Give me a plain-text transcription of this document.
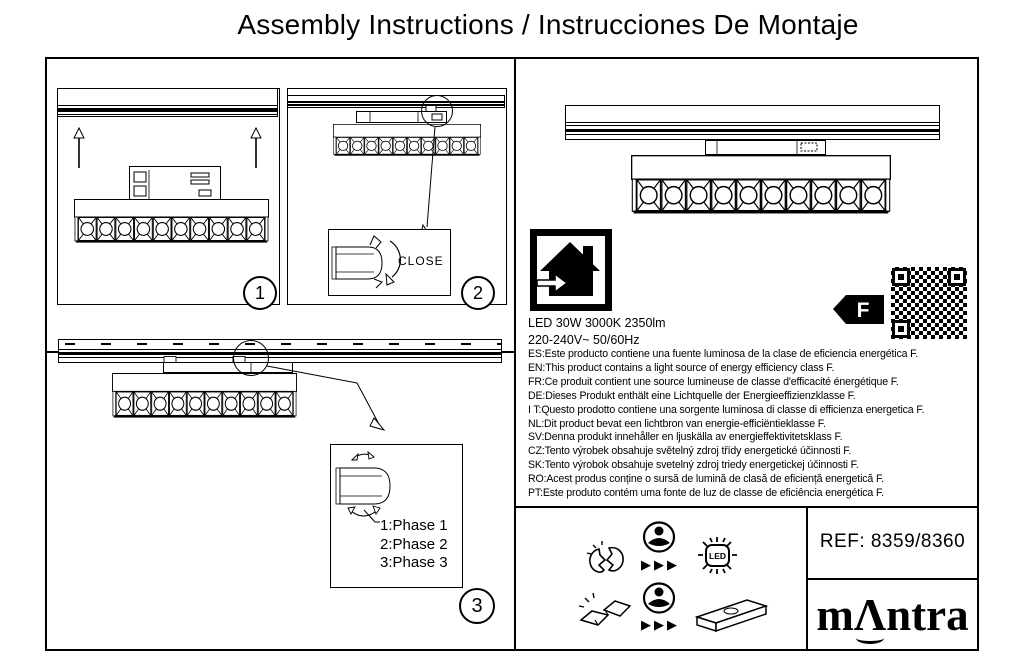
Assembly Instructions / Instrucciones De Montaje
1	2
CLOSE
1:Phase 1
2:Phase 2
3:Phase 3
3
F
LED 30W 3000K 2350lm
220-240V~ 50/60Hz
ES:Este producto contiene una fuente luminosa de la clase de eficiencia energética F.
EN:This product contains a light source of energy efficiency class F.
FR:Ce produit contient une source lumineuse de classe d'efficacité énergétique F.
DE:Dieses Produkt enthält eine Lichtquelle der Energieeffizienzklasse F.
I T:Questo prodotto contiene una sorgente luminosa di classe di efficienza energetica F.
NL:Dit product bevat een lichtbron van energie-efficiëntieklasse F.
SV:Denna produkt innehåller en ljuskälla av energieffektivitetsklass F.
CZ:Tento výrobek obsahuje světelný zdroj třídy energetické účinnosti F.
SK:Tento výrobok obsahuje svetelný zdroj triedy energetickej účinnosti F.
RO:Acest produs conține o sursă de lumină de clasă de eficiență energetică F.
PT:Este produto contém uma fonte de luz de classe de eficiência energética F.
▶▶▶
LED
▶▶▶
REF: 8359/8360
m Λ ntra
